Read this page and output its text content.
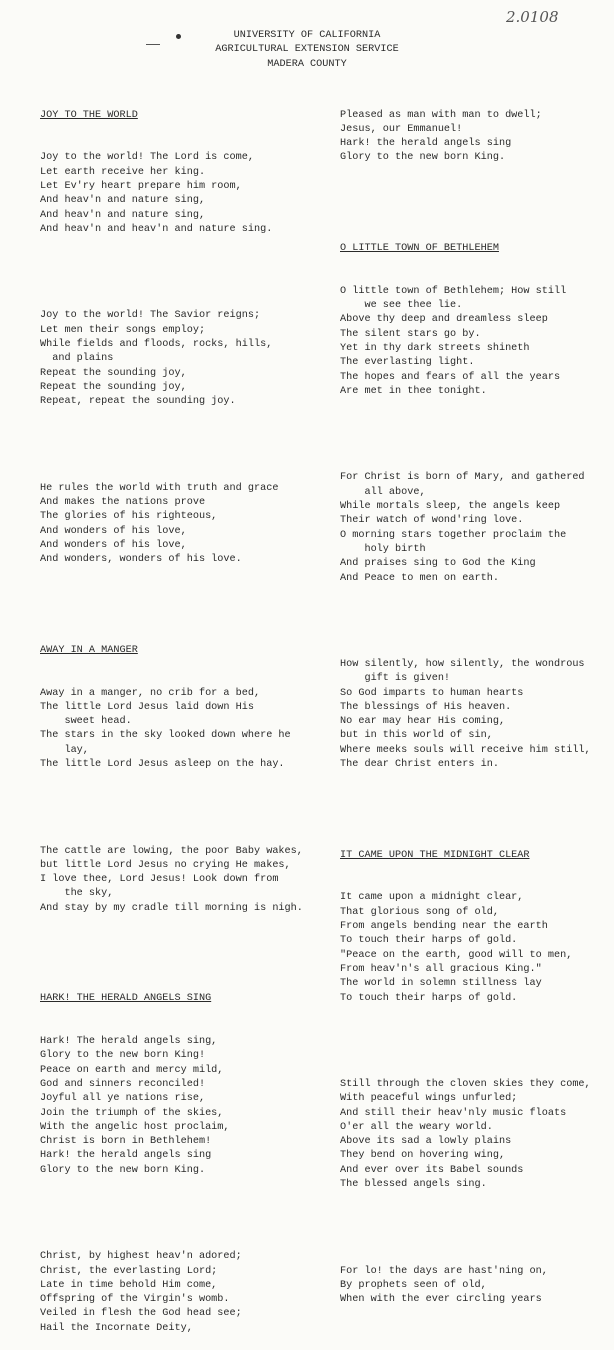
2.0108
UNIVERSITY OF CALIFORNIA
AGRICULTURAL EXTENSION SERVICE
MADERA COUNTY

JOY TO THE WORLD

Joy to the world! The Lord is come,
Let earth receive her king.
Let Ev'ry heart prepare him room,
And heav'n and nature sing,
And heav'n and nature sing,
And heav'n and heav'n and nature sing.

Joy to the world! The Savior reigns;
Let men their songs employ;
While fields and floods, rocks, hills,
and plains
Repeat the sounding joy,
Repeat the sounding joy,
Repeat, repeat the sounding joy.

He rules the world with truth and grace
And makes the nations prove
The glories of his righteous,
And wonders of his love,
And wonders of his love,
And wonders, wonders of his love.

AWAY IN A MANGER

Away in a manger, no crib for a bed,
The little Lord Jesus laid down His
sweet head.
The stars in the sky looked down where he
lay,
The little Lord Jesus asleep on the hay.

The cattle are lowing, the poor Baby wakes,
but little Lord Jesus no crying He makes,
I love thee, Lord Jesus! Look down from
the sky,
And stay by my cradle till morning is nigh.

HARK! THE HERALD ANGELS SING

Hark! The herald angels sing,
Glory to the new born King!
Peace on earth and mercy mild,
God and sinners reconciled!
Joyful all ye nations rise,
Join the triumph of the skies,
With the angelic host proclaim,
Christ is born in Bethlehem!
Hark! the herald angels sing
Glory to the new born King.

Christ, by highest heav'n adored;
Christ, the everlasting Lord;
Late in time behold Him come,
Offspring of the Virgin's womb.
Veiled in flesh the God head see;
Hail the Incornate Deity,

Pleased as man with man to dwell;
Jesus, our Emmanuel!
Hark! the herald angels sing
Glory to the new born King.

O LITTLE TOWN OF BETHLEHEM

O little town of Bethlehem; How still
we see thee lie.
Above thy deep and dreamless sleep
The silent stars go by.
Yet in thy dark streets shineth
The everlasting light.
The hopes and fears of all the years
Are met in thee tonight.

For Christ is born of Mary, and gathered
all above,
While mortals sleep, the angels keep
Their watch of wond'ring love.
O morning stars together proclaim the
holy birth
And praises sing to God the King
And Peace to men on earth.

How silently, how silently, the wondrous
gift is given!
So God imparts to human hearts
The blessings of His heaven.
No ear may hear His coming,
but in this world of sin,
Where meeks souls will receive him still,
The dear Christ enters in.

IT CAME UPON THE MIDNIGHT CLEAR

It came upon a midnight clear,
That glorious song of old,
From angels bending near the earth
To touch their harps of gold.
"Peace on the earth, good will to men,
From heav'n's all gracious King."
The world in solemn stillness lay
To touch their harps of gold.

Still through the cloven skies they come,
With peaceful wings unfurled;
And still their heav'nly music floats
O'er all the weary world.
Above its sad a lowly plains
They bend on hovering wing,
And ever over its Babel sounds
The blessed angels sing.

For lo! the days are hast'ning on,
By prophets seen of old,
When with the ever circling years
